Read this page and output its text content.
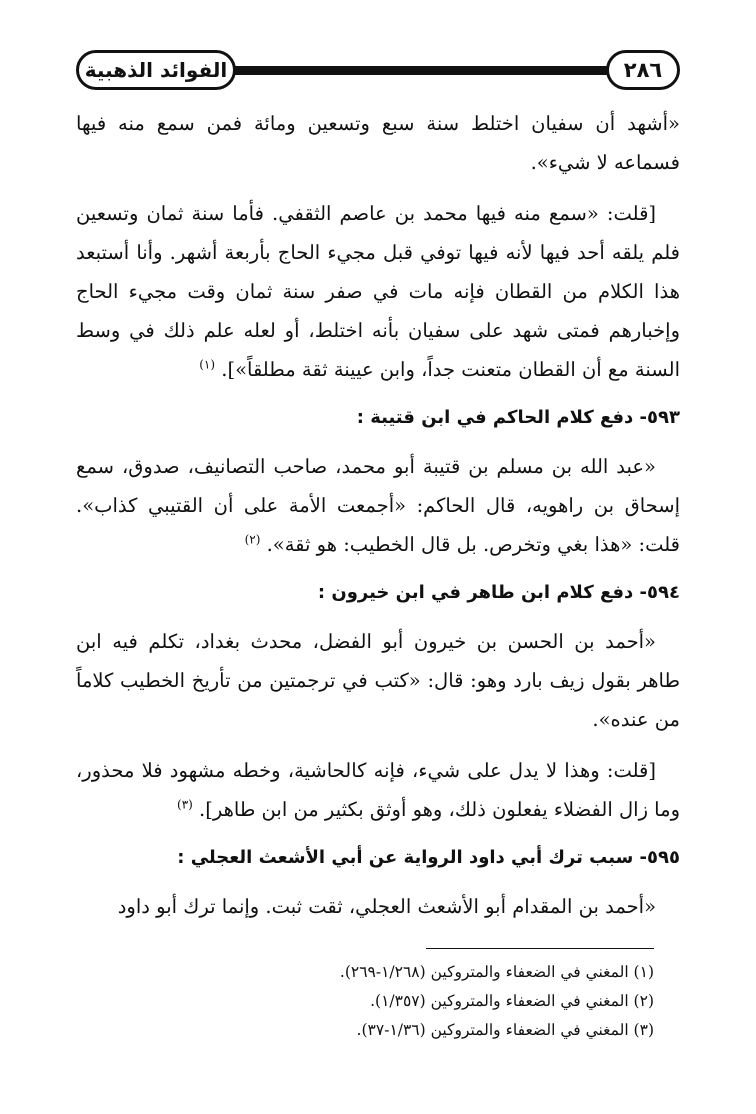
الفوائد الذهبية	٢٨٦

«أشهد أن سفيان اختلط سنة سبع وتسعين ومائة فمن سمع منه فيها فسماعه لا شيء».

[قلت: «سمع منه فيها محمد بن عاصم الثقفي. فأما سنة ثمان وتسعين فلم يلقه أحد فيها لأنه فيها توفي قبل مجيء الحاج بأربعة أشهر. وأنا أستبعد هذا الكلام من القطان فإنه مات في صفر سنة ثمان وقت مجيء الحاج وإخبارهم فمتى شهد على سفيان بأنه اختلط، أو لعله علم ذلك في وسط السنة مع أن القطان متعنت جداً، وابن عيينة ثقة مطلقاً»]. $^{(١)}$

٥٩٣- دفع كلام الحاكم في ابن قتيبة :

«عبد الله بن مسلم بن قتيبة أبو محمد، صاحب التصانيف، صدوق، سمع إسحاق بن راهويه، قال الحاكم: «أجمعت الأمة على أن القتيبي كذاب». قلت: «هذا بغي وتخرص. بل قال الخطيب: هو ثقة». $^{(٢)}$

٥٩٤- دفع كلام ابن طاهر في ابن خيرون :

«أحمد بن الحسن بن خيرون أبو الفضل، محدث بغداد، تكلم فيه ابن طاهر بقول زيف بارد وهو: قال: «كتب في ترجمتين من تأريخ الخطيب كلاماً من عنده».

[قلت: وهذا لا يدل على شيء، فإنه كالحاشية، وخطه مشهود فلا محذور، وما زال الفضلاء يفعلون ذلك، وهو أوثق بكثير من ابن طاهر]. $^{(٣)}$

٥٩٥- سبب ترك أبي داود الرواية عن أبي الأشعث العجلي :

«أحمد بن المقدام أبو الأشعث العجلي، ثقت ثبت. وإنما ترك أبو داود

(١) المغني في الضعفاء والمتروكين (١/٢٦٨-٢٦٩).
(٢) المغني في الضعفاء والمتروكين (١/٣٥٧).
(٣) المغني في الضعفاء والمتروكين (١/٣٦-٣٧).
